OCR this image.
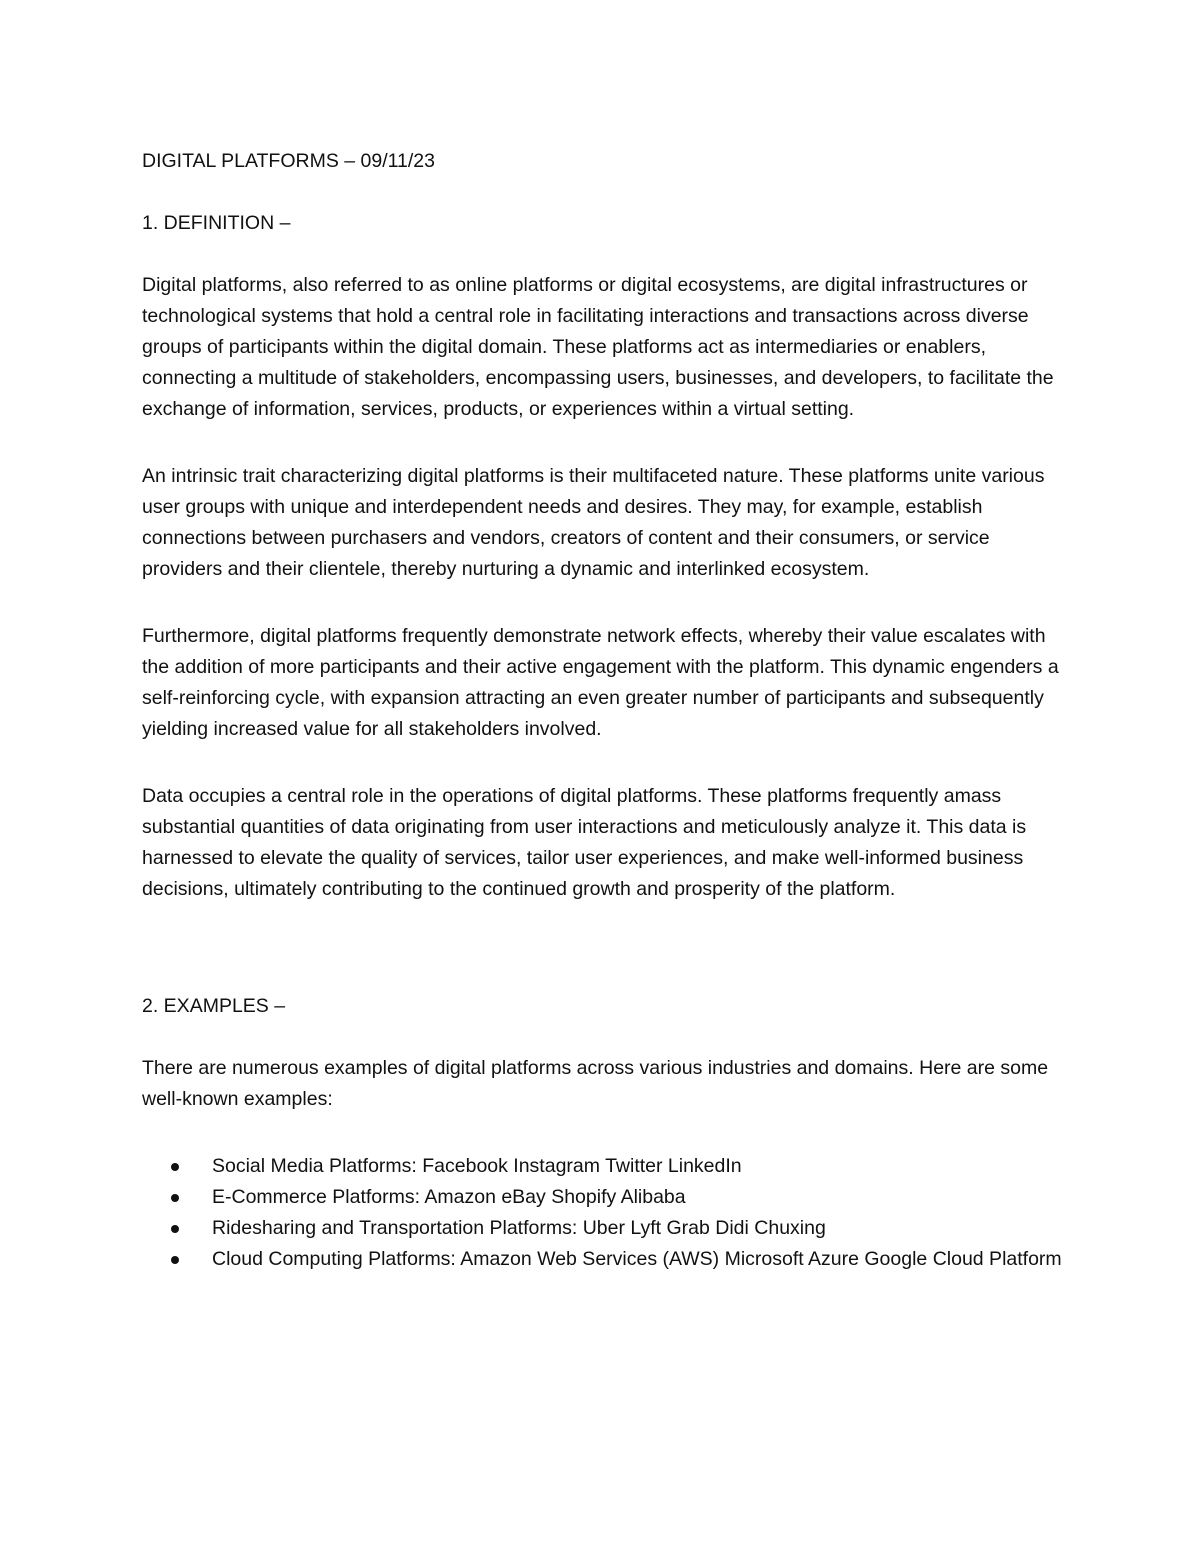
DIGITAL PLATFORMS – 09/11/23

1. DEFINITION –

Digital platforms, also referred to as online platforms or digital ecosystems, are digital infrastructures or technological systems that hold a central role in facilitating interactions and transactions across diverse groups of participants within the digital domain. These platforms act as intermediaries or enablers, connecting a multitude of stakeholders, encompassing users, businesses, and developers, to facilitate the exchange of information, services, products, or experiences within a virtual setting.

An intrinsic trait characterizing digital platforms is their multifaceted nature. These platforms unite various user groups with unique and interdependent needs and desires. They may, for example, establish connections between purchasers and vendors, creators of content and their consumers, or service providers and their clientele, thereby nurturing a dynamic and interlinked ecosystem.

Furthermore, digital platforms frequently demonstrate network effects, whereby their value escalates with the addition of more participants and their active engagement with the platform. This dynamic engenders a self-reinforcing cycle, with expansion attracting an even greater number of participants and subsequently yielding increased value for all stakeholders involved.

Data occupies a central role in the operations of digital platforms. These platforms frequently amass substantial quantities of data originating from user interactions and meticulously analyze it. This data is harnessed to elevate the quality of services, tailor user experiences, and make well-informed business decisions, ultimately contributing to the continued growth and prosperity of the platform.

2. EXAMPLES –

There are numerous examples of digital platforms across various industries and domains. Here are some well-known examples:

Social Media Platforms: Facebook Instagram Twitter LinkedIn
E-Commerce Platforms: Amazon eBay Shopify Alibaba
Ridesharing and Transportation Platforms: Uber Lyft Grab Didi Chuxing
Cloud Computing Platforms: Amazon Web Services (AWS) Microsoft Azure Google Cloud Platform
